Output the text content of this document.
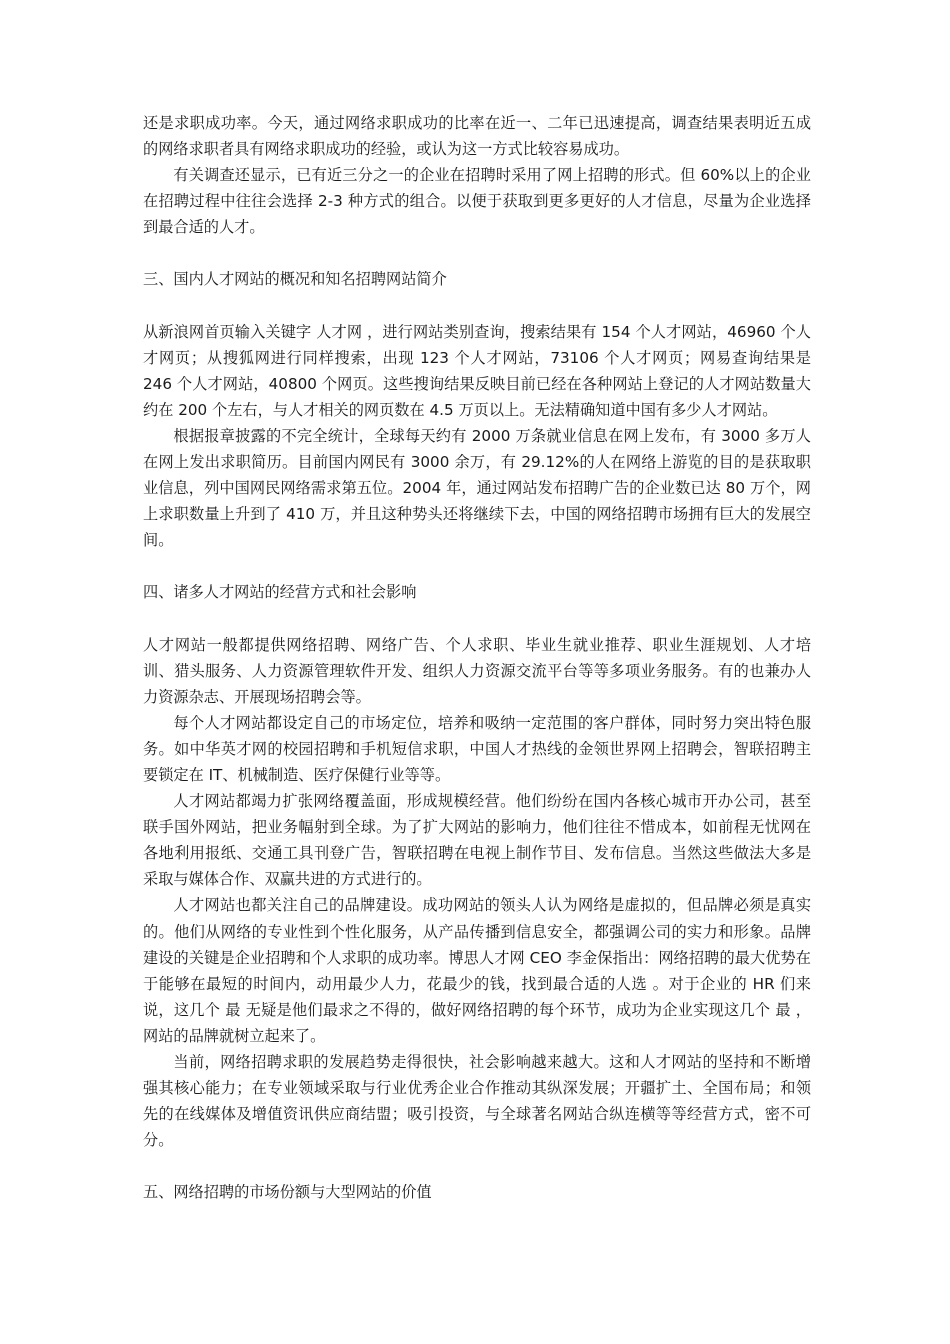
还是求职成功率。今天，通过网络求职成功的比率在近一、二年已迅速提高，调查结果表明近五成的网络求职者具有网络求职成功的经验，或认为这一方式比较容易成功。

有关调查还显示，已有近三分之一的企业在招聘时采用了网上招聘的形式。但 60%以上的企业在招聘过程中往往会选择 2-3 种方式的组合。以便于获取到更多更好的人才信息，尽量为企业选择到最合适的人才。

三、国内人才网站的概况和知名招聘网站简介

从新浪网首页输入关键字 人才网 ，进行网站类别查询，搜索结果有 154 个人才网站，46960 个人才网页；从搜狐网进行同样搜索，出现 123 个人才网站，73106 个人才网页；网易查询结果是 246 个人才网站，40800 个网页。这些搜询结果反映目前已经在各种网站上登记的人才网站数量大约在 200 个左右，与人才相关的网页数在 4.5 万页以上。无法精确知道中国有多少人才网站。

根据报章披露的不完全统计，全球每天约有 2000 万条就业信息在网上发布，有 3000 多万人在网上发出求职简历。目前国内网民有 3000 余万，有 29.12%的人在网络上游览的目的是获取职业信息，列中国网民网络需求第五位。2004 年，通过网站发布招聘广告的企业数已达 80 万个，网上求职数量上升到了 410 万，并且这种势头还将继续下去，中国的网络招聘市场拥有巨大的发展空间。

四、诸多人才网站的经营方式和社会影响

人才网站一般都提供网络招聘、网络广告、个人求职、毕业生就业推荐、职业生涯规划、人才培训、猎头服务、人力资源管理软件开发、组织人力资源交流平台等等多项业务服务。有的也兼办人力资源杂志、开展现场招聘会等。

每个人才网站都设定自己的市场定位，培养和吸纳一定范围的客户群体，同时努力突出特色服务。如中华英才网的校园招聘和手机短信求职，中国人才热线的金领世界网上招聘会，智联招聘主要锁定在 IT、机械制造、医疗保健行业等等。

人才网站都竭力扩张网络覆盖面，形成规模经营。他们纷纷在国内各核心城市开办公司，甚至联手国外网站，把业务幅射到全球。为了扩大网站的影响力，他们往往不惜成本，如前程无忧网在各地利用报纸、交通工具刊登广告，智联招聘在电视上制作节目、发布信息。当然这些做法大多是采取与媒体合作、双赢共进的方式进行的。

人才网站也都关注自己的品牌建设。成功网站的领头人认为网络是虚拟的，但品牌必须是真实的。他们从网络的专业性到个性化服务，从产品传播到信息安全，都强调公司的实力和形象。品牌建设的关键是企业招聘和个人求职的成功率。博思人才网 CEO 李金保指出：网络招聘的最大优势在于能够在最短的时间内，动用最少人力，花最少的钱，找到最合适的人选 。对于企业的 HR 们来说，这几个 最 无疑是他们最求之不得的，做好网络招聘的每个环节，成功为企业实现这几个 最 ，网站的品牌就树立起来了。

当前，网络招聘求职的发展趋势走得很快，社会影响越来越大。这和人才网站的坚持和不断增强其核心能力；在专业领域采取与行业优秀企业合作推动其纵深发展；开疆扩土、全国布局；和领先的在线媒体及增值资讯供应商结盟；吸引投资，与全球著名网站合纵连横等等经营方式，密不可分。

五、网络招聘的市场份额与大型网站的价值
